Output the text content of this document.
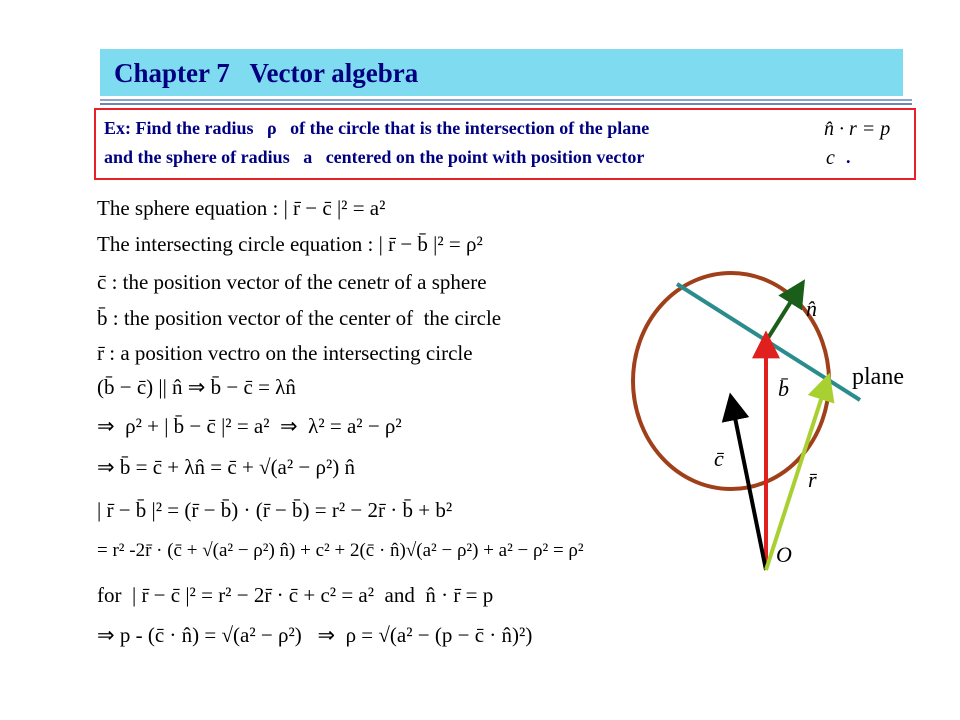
Chapter 7   Vector algebra
Ex: Find the radius   ρ   of the circle that is the intersection of the plane	n̂ · r = p
and the sphere of radius   a   centered on the point with position vector	c .
The sphere equation : | r̄ − c̄ |² = a²
The intersecting circle equation : | r̄ − b̄ |² = ρ²
c̄ : the position vector of the cenetr of a sphere
b̄ : the position vector of the center of  the circle
r̄ : a position vectro on the intersecting circle
(b̄ − c̄) || n̂ ⇒ b̄ − c̄ = λn̂
⇒  ρ² + | b̄ − c̄ |² = a²  ⇒  λ² = a² − ρ²
⇒ b̄ = c̄ + λn̂ = c̄ + √(a² − ρ²) n̂
| r̄ − b̄ |² = (r̄ − b̄) · (r̄ − b̄) = r² − 2r̄ · b̄ + b²
= r² -2r̄ · (c̄ + √(a² − ρ²) n̂) + c² + 2(c̄ · n̂)√(a² − ρ²) + a² − ρ² = ρ²
for  | r̄ − c̄ |² = r² − 2r̄ · c̄ + c² = a²  and  n̂ · r̄ = p
⇒ p - (c̄ · n̂) = √(a² − ρ²)   ⇒  ρ = √(a² − (p − c̄ · n̂)²)
n̂
plane
b̄
c̄
r̄
O
